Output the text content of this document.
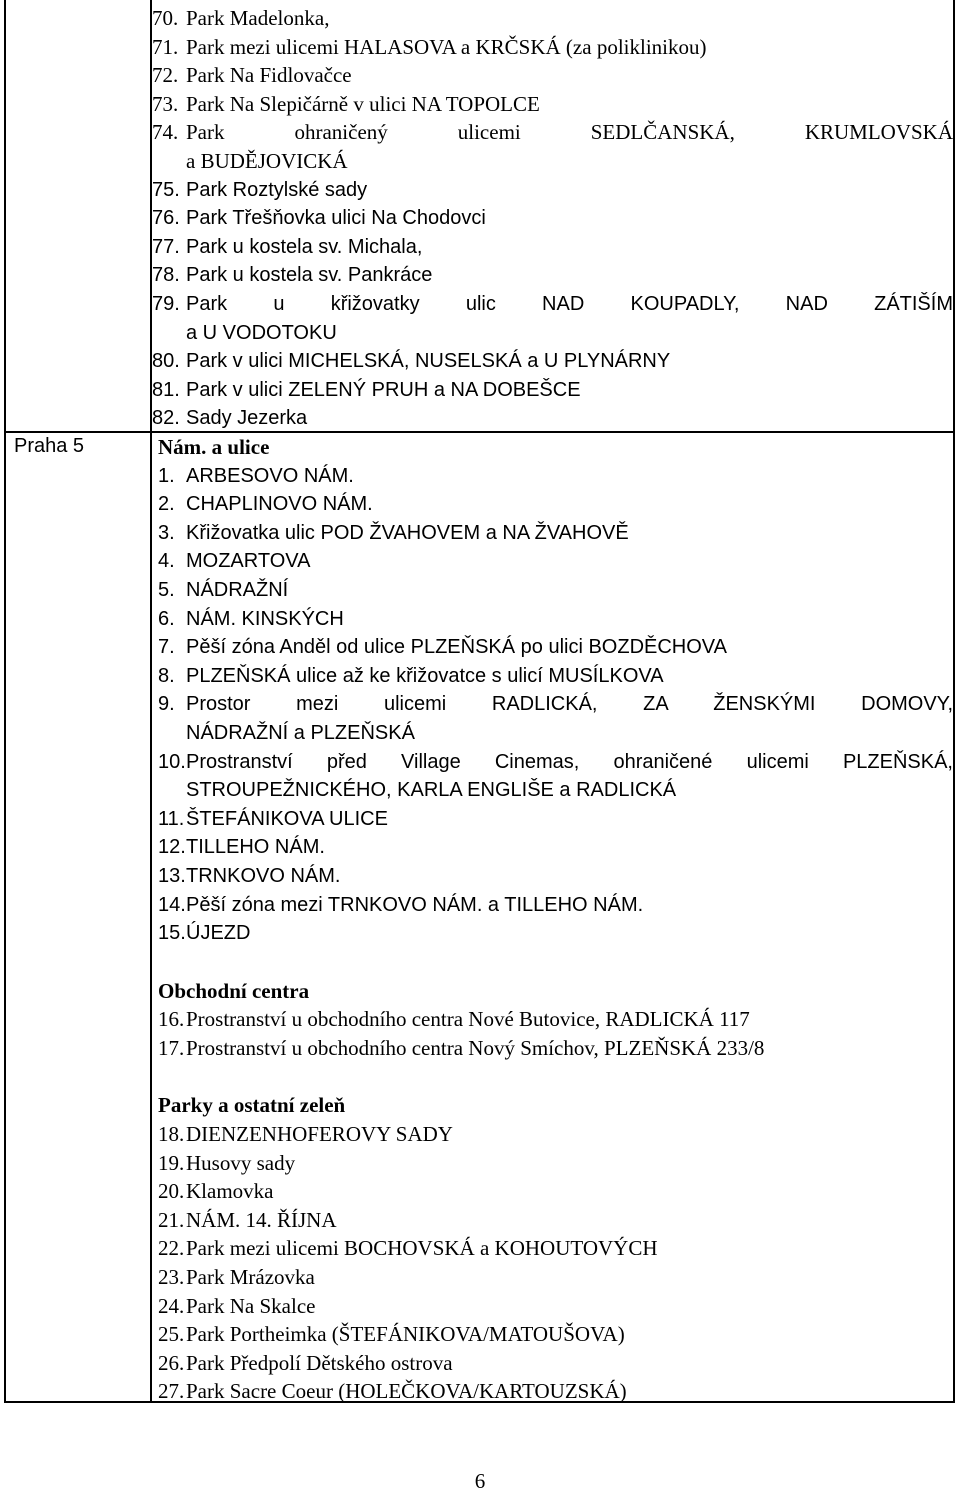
Praha 5
70. Park Madelonka,
71. Park mezi ulicemi HALASOVA a KRČSKÁ (za poliklinikou)
72. Park Na Fidlovačce
73. Park Na Slepičárně v ulici NA TOPOLCE
74. Park ohraničený ulicemi SEDLČANSKÁ, KRUMLOVSKÁ
a BUDĚJOVICKÁ
75. Park Roztylské sady
76. Park Třešňovka ulici Na Chodovci
77. Park u kostela sv. Michala,
78. Park u kostela sv. Pankráce
79. Park u křižovatky ulic NAD KOUPADLY, NAD ZÁTIŠÍM
a U VODOTOKU
80. Park v ulici MICHELSKÁ, NUSELSKÁ a U PLYNÁRNY
81. Park v ulici ZELENÝ PRUH a NA DOBEŠCE
82. Sady Jezerka
Nám. a ulice
1. ARBESOVO NÁM.
2. CHAPLINOVO NÁM.
3. Křižovatka ulic POD ŽVAHOVEM a NA ŽVAHOVĚ
4. MOZARTOVA
5. NÁDRAŽNÍ
6. NÁM. KINSKÝCH
7. Pěší zóna Anděl od ulice PLZEŇSKÁ po ulici BOZDĚCHOVA
8. PLZEŇSKÁ ulice až ke křižovatce s ulicí MUSÍLKOVA
9. Prostor mezi ulicemi RADLICKÁ, ZA ŽENSKÝMI DOMOVY,
NÁDRAŽNÍ a PLZEŇSKÁ
10. Prostranství před Village Cinemas, ohraničené ulicemi PLZEŇSKÁ,
STROUPEŽNICKÉHO, KARLA ENGLIŠE a RADLICKÁ
11. ŠTEFÁNIKOVA ULICE
12. TILLEHO NÁM.
13. TRNKOVO NÁM.
14. Pěší zóna mezi TRNKOVO NÁM. a TILLEHO NÁM.
15. ÚJEZD
Obchodní centra
16. Prostranství u obchodního centra Nové Butovice, RADLICKÁ 117
17. Prostranství u obchodního centra Nový Smíchov, PLZEŇSKÁ 233/8
Parky a ostatní zeleň
18. DIENZENHOFEROVY SADY
19. Husovy sady
20. Klamovka
21. NÁM. 14. ŘÍJNA
22. Park mezi ulicemi BOCHOVSKÁ a KOHOUTOVÝCH
23. Park Mrázovka
24. Park Na Skalce
25. Park Portheimka (ŠTEFÁNIKOVA/MATOUŠOVA)
26. Park Předpolí Dětského ostrova
27. Park Sacre Coeur (HOLEČKOVA/KARTOUZSKÁ)
6
